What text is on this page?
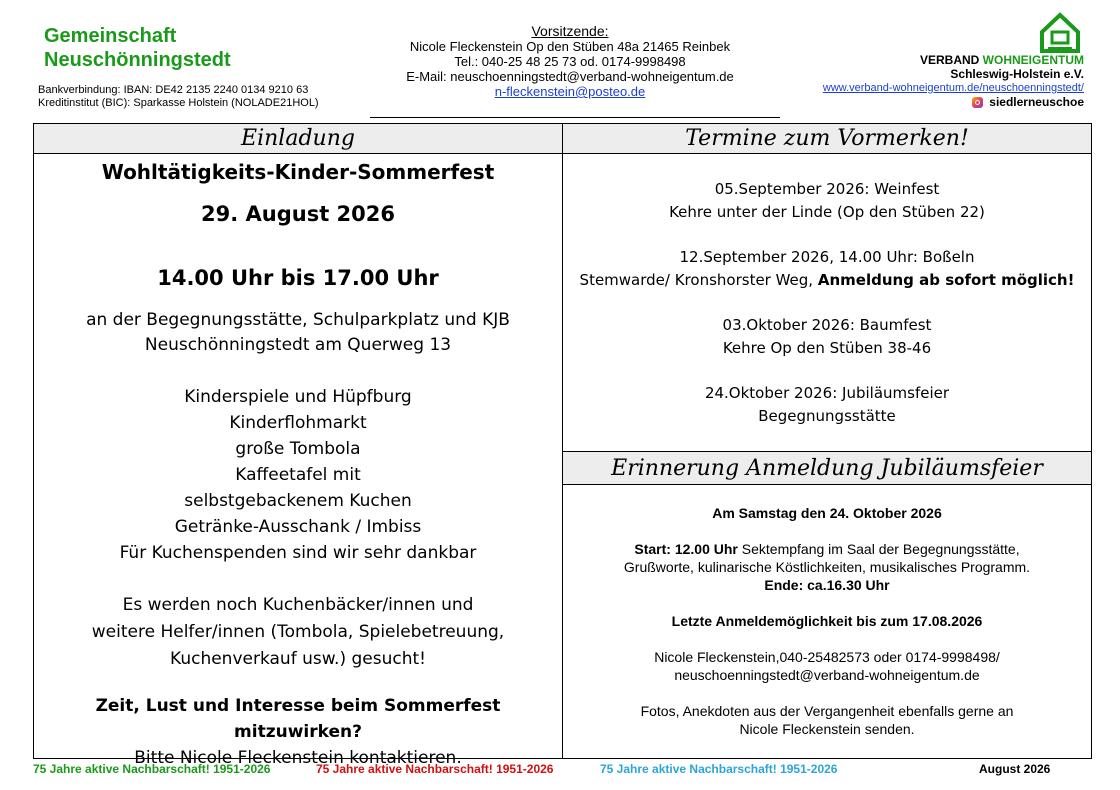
Gemeinschaft
Neuschönningstedt
Bankverbindung: IBAN: DE42 2135 2240 0134 9210 63
Kreditinstitut (BIC): Sparkasse Holstein (NOLADE21HOL)
Vorsitzende:
Nicole Fleckenstein Op den Stüben 48a 21465 Reinbek
Tel.: 040-25 48 25 73 od. 0174-9998498
E-Mail: neuschoenningstedt@verband-wohneigentum.de
n-fleckenstein@posteo.de
VERBAND WOHNEIGENTUM
Schleswig-Holstein e.V.
www.verband-wohneigentum.de/neuschoenningstedt/
siedlerneuschoe
Einladung	Termine zum Vormerken!
Wohltätigkeits-Kinder-Sommerfest
29. August 2026
14.00 Uhr bis 17.00 Uhr
an der Begegnungsstätte, Schulparkplatz und KJB
Neuschönningstedt am Querweg 13
Kinderspiele und Hüpfburg
Kinderflohmarkt
große Tombola
Kaffeetafel mit
selbstgebackenem Kuchen
Getränke-Ausschank / Imbiss
Für Kuchenspenden sind wir sehr dankbar
Es werden noch Kuchenbäcker/innen und
weitere Helfer/innen (Tombola, Spielebetreuung,
Kuchenverkauf usw.) gesucht!
Zeit, Lust und Interesse beim Sommerfest mitzuwirken?
Bitte Nicole Fleckenstein kontaktieren.
05.September 2026: Weinfest
Kehre unter der Linde (Op den Stüben 22)
12.September 2026, 14.00 Uhr: Boßeln
Stemwarde/ Kronshorster Weg, Anmeldung ab sofort möglich!
03.Oktober 2026: Baumfest
Kehre Op den Stüben 38-46
24.Oktober 2026: Jubiläumsfeier
Begegnungsstätte
Erinnerung Anmeldung Jubiläumsfeier
Am Samstag den 24. Oktober 2026
Start: 12.00 Uhr Sektempfang im Saal der Begegnungsstätte,
Grußworte, kulinarische Köstlichkeiten, musikalisches Programm.
Ende: ca.16.30 Uhr
Letzte Anmeldemöglichkeit bis zum 17.08.2026
Nicole Fleckenstein,040-25482573 oder 0174-9998498/
neuschoenningstedt@verband-wohneigentum.de
Fotos, Anekdoten aus der Vergangenheit ebenfalls gerne an
Nicole Fleckenstein senden.
75 Jahre aktive Nachbarschaft! 1951-2026	75 Jahre aktive Nachbarschaft! 1951-2026	75 Jahre aktive Nachbarschaft! 1951-2026	August 2026
